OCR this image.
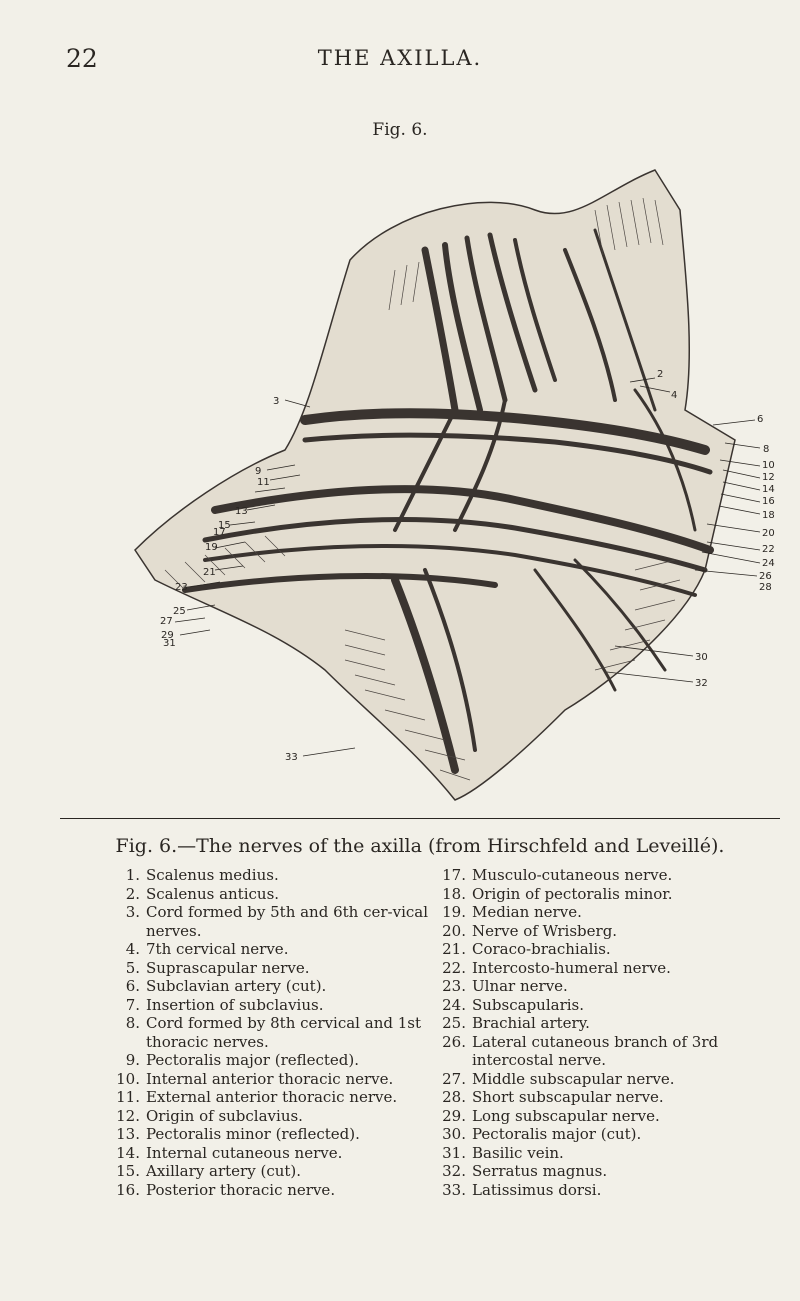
22	THE AXILLA.
Fig. 6.
2
3
4
6
8
9
10
11	12
13
14
15
16
17
18
19
20
21
22
23
24
25
26
27
28
29
30
31
32
33
Fig. 6.—The nerves of the axilla (from Hirschfeld and Leveillé).
1. Scalenus medius.
2. Scalenus anticus.
3. Cord formed by 5th and 6th cer-vical nerves.
4. 7th cervical nerve.
5. Suprascapular nerve.
6. Subclavian artery (cut).
7. Insertion of subclavius.
8. Cord formed by 8th cervical and 1st thoracic nerves.
9. Pectoralis major (reflected).
10. Internal anterior thoracic nerve.
11. External anterior thoracic nerve.
12. Origin of subclavius.
13. Pectoralis minor (reflected).
14. Internal cutaneous nerve.
15. Axillary artery (cut).
16. Posterior thoracic nerve.
17. Musculo-cutaneous nerve.
18. Origin of pectoralis minor.
19. Median nerve.
20. Nerve of Wrisberg.
21. Coraco-brachialis.
22. Intercosto-humeral nerve.
23. Ulnar nerve.
24. Subscapularis.
25. Brachial artery.
26. Lateral cutaneous branch of 3rd intercostal nerve.
27. Middle subscapular nerve.
28. Short subscapular nerve.
29. Long subscapular nerve.
30. Pectoralis major (cut).
31. Basilic vein.
32. Serratus magnus.
33. Latissimus dorsi.
